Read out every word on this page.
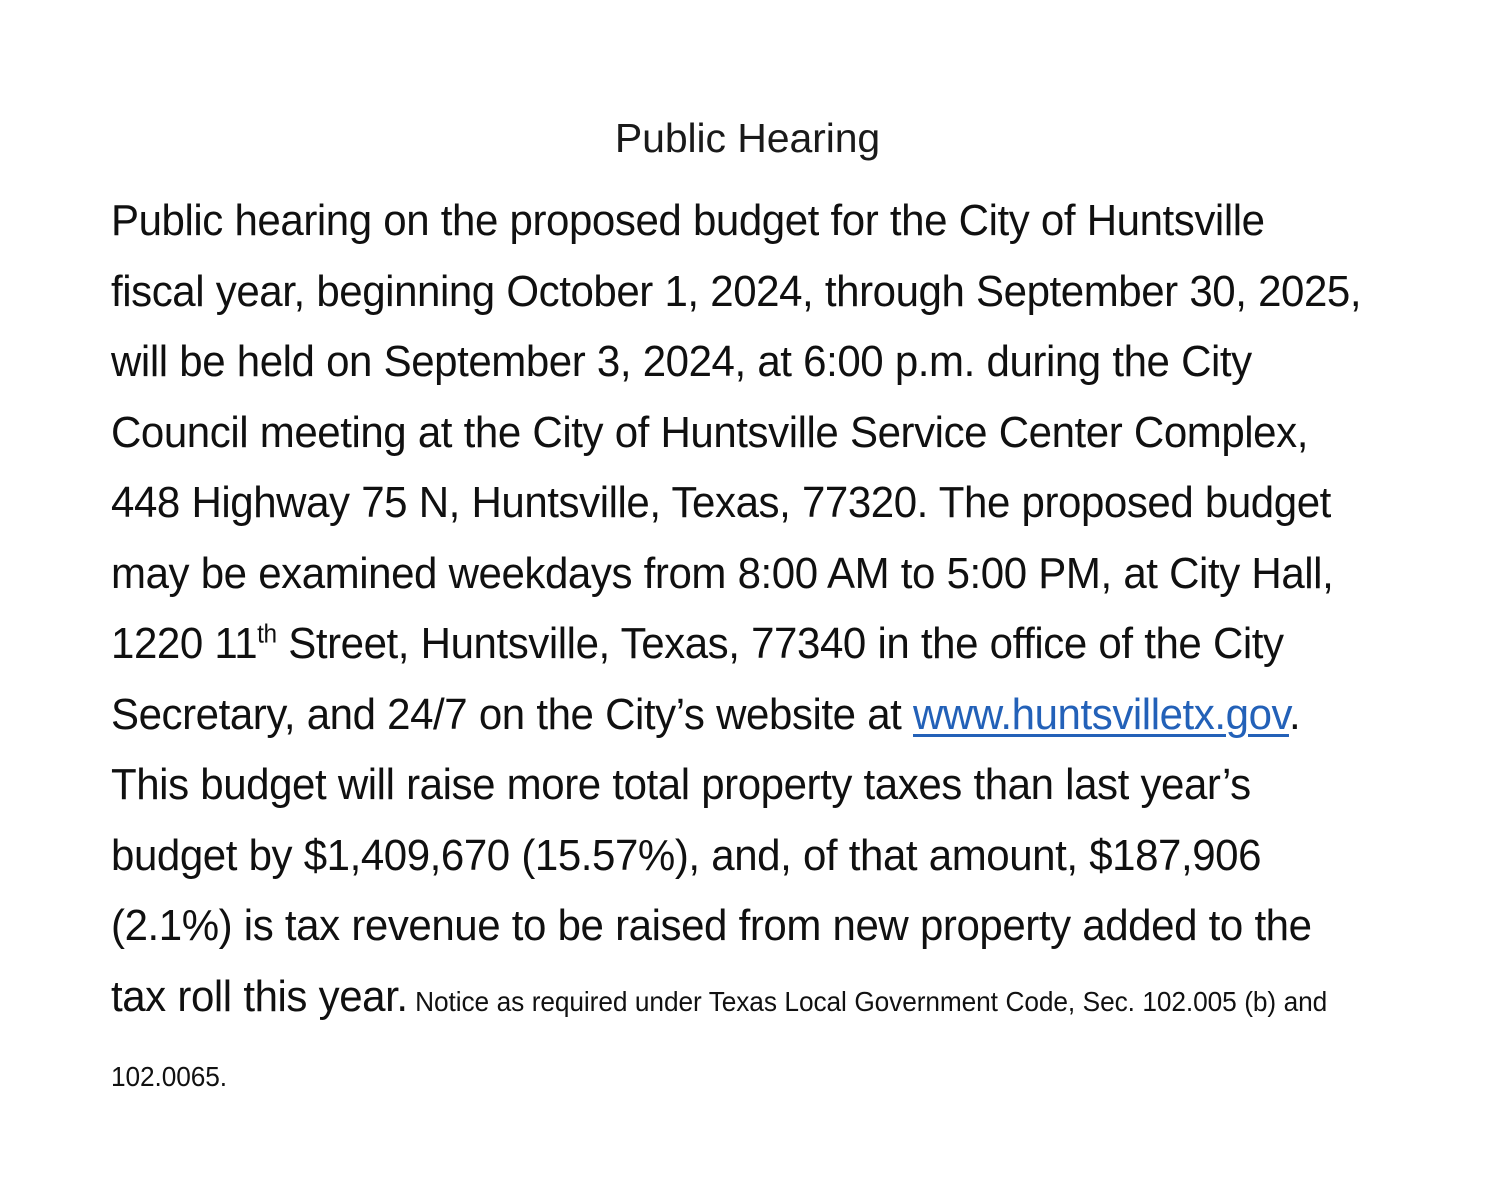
Public Hearing

Public hearing on the proposed budget for the City of Huntsville fiscal year, beginning October 1, 2024, through September 30, 2025, will be held on September 3, 2024, at 6:00 p.m. during the City Council meeting at the City of Huntsville Service Center Complex, 448 Highway 75 N, Huntsville, Texas, 77320. The proposed budget may be examined weekdays from 8:00 AM to 5:00 PM, at City Hall, 1220 11th Street, Huntsville, Texas, 77340 in the office of the City Secretary, and 24/7 on the City’s website at www.huntsvilletx.gov. This budget will raise more total property taxes than last year’s budget by $1,409,670 (15.57%), and, of that amount, $187,906 (2.1%) is tax revenue to be raised from new property added to the tax roll this year. Notice as required under Texas Local Government Code, Sec. 102.005 (b) and 102.0065.
